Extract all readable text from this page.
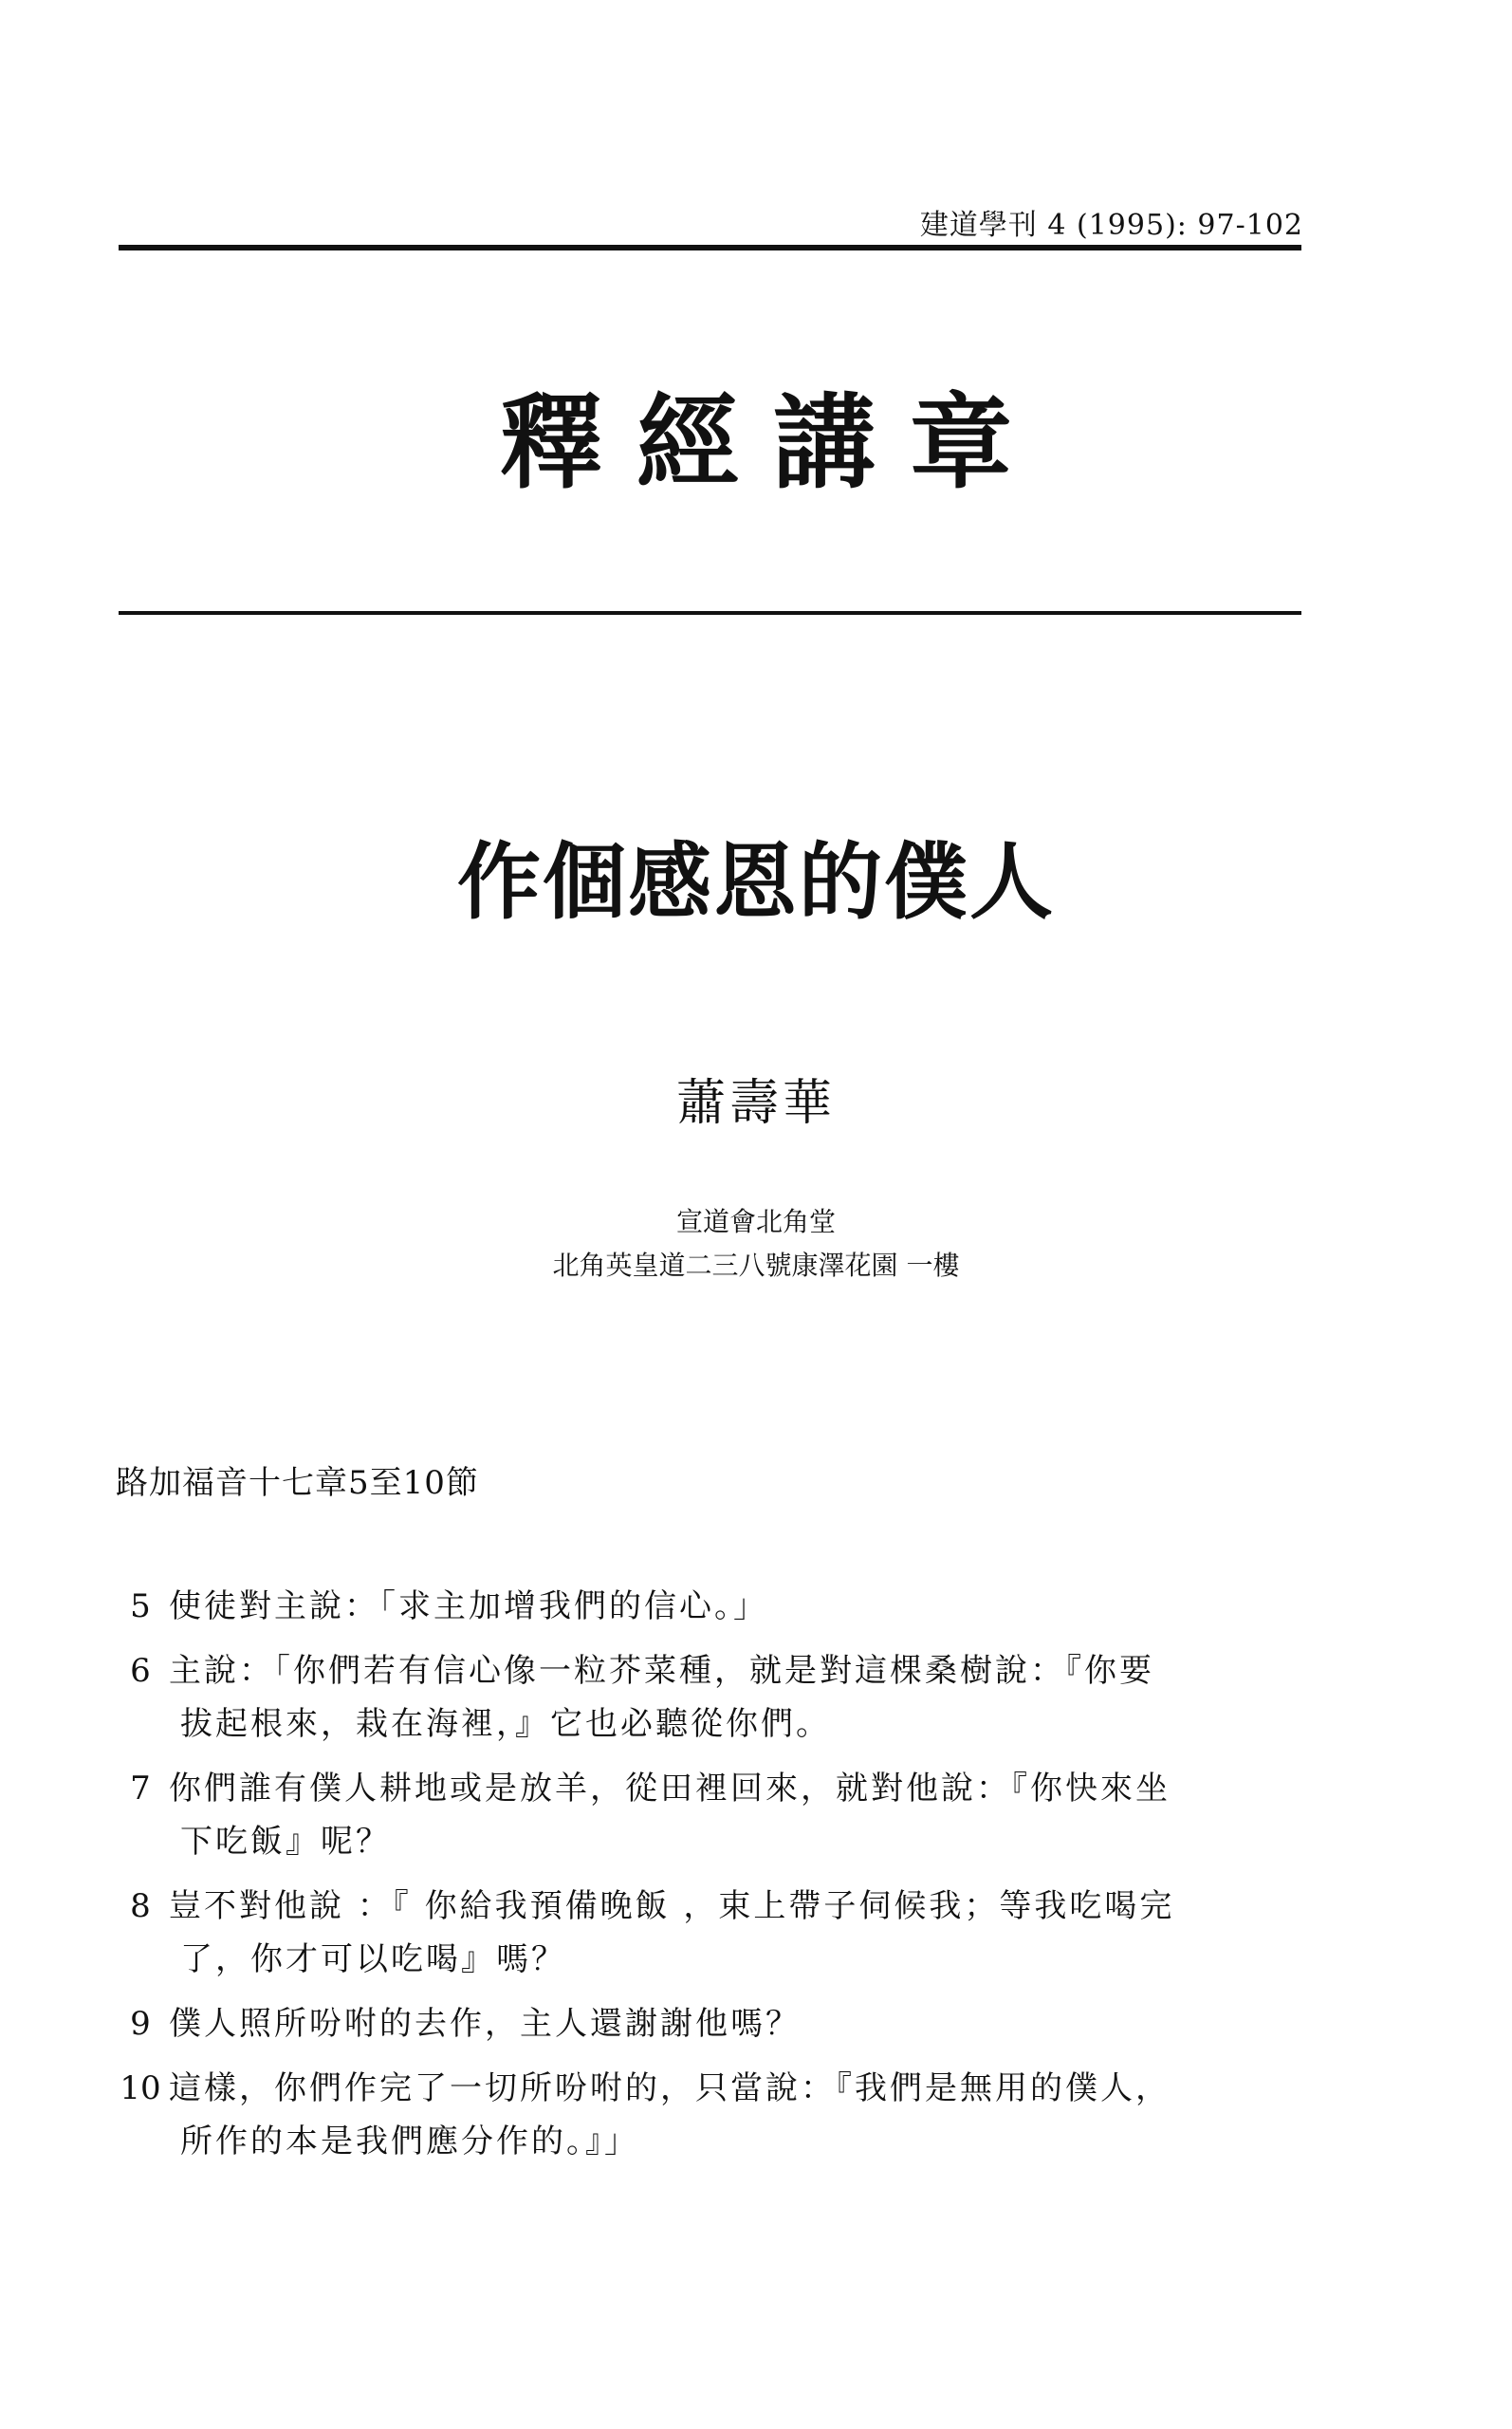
建道學刊 4 (1995): 97-102
釋經講章
作個感恩的僕人
蕭壽華
宣道會北角堂
北角英皇道二三八號康澤花園 一樓
路加福音十七章5至10節
5 使徒對主說：「求主加增我們的信心。」
6 主說：「你們若有信心像一粒芥菜種，就是對這棵桑樹說：『你要
拔起根來，栽在海裡，』它也必聽從你們。
7 你們誰有僕人耕地或是放羊，從田裡回來，就對他說：『你快來坐
下吃飯』呢？
8 豈不對他說 ：『 你給我預備晚飯 ，束上帶子伺候我；等我吃喝完
了，你才可以吃喝』嗎？
9 僕人照所吩咐的去作，主人還謝謝他嗎？
10 這樣，你們作完了一切所吩咐的，只當說：『我們是無用的僕人，
所作的本是我們應分作的。』」
